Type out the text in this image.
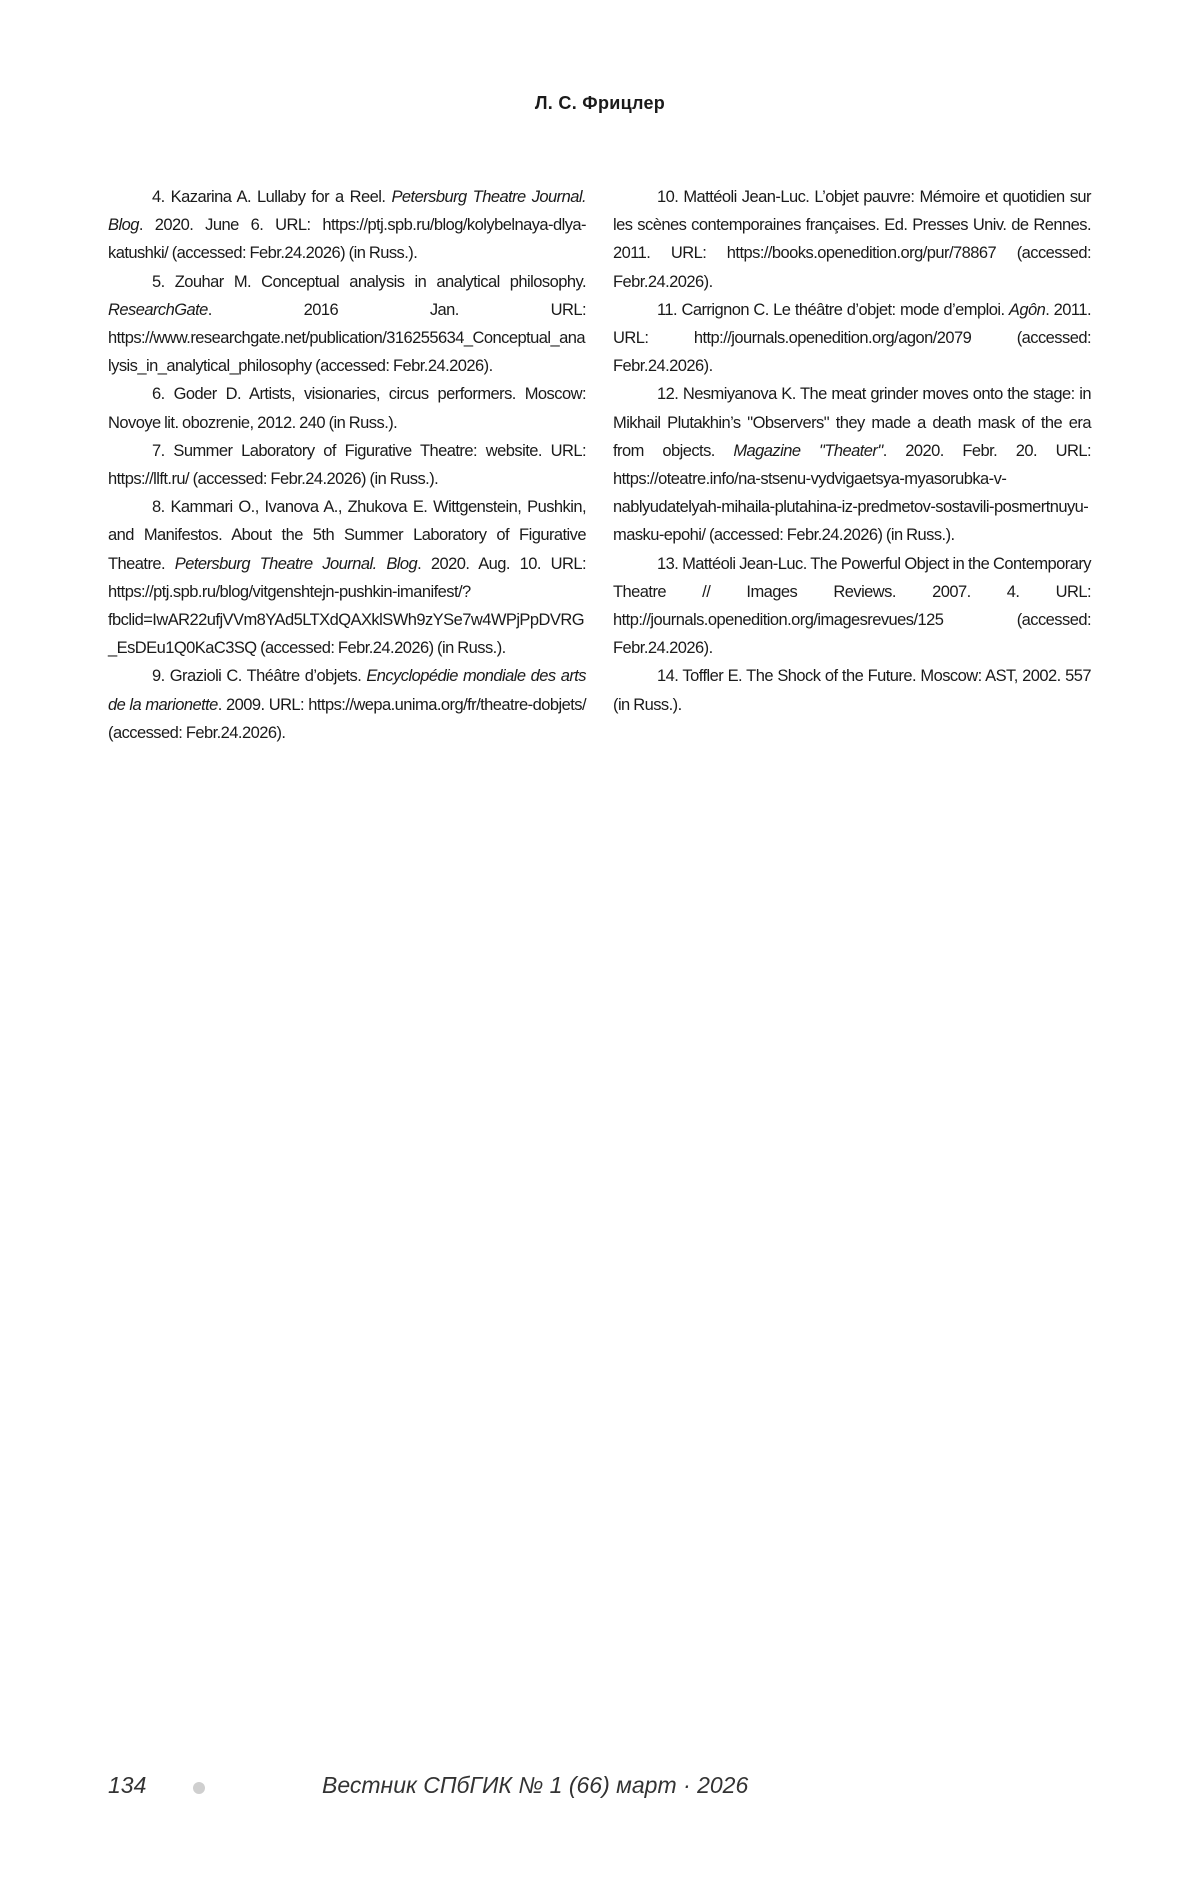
Л. С. Фрицлер

4. Kazarina A. Lullaby for a Reel. Petersburg Theatre Journal. Blog. 2020. June 6. URL: https://ptj.spb.ru/blog/kolybelnaya-dlya-katushki/ (accessed: Febr.24.2026) (in Russ.).

5. Zouhar M. Conceptual analysis in analytical philosophy. ResearchGate. 2016 Jan. URL: https://www.researchgate.net/publication/316255634_Conceptual_analysis_in_analytical_philosophy (accessed: Febr.24.2026).

6. Goder D. Artists, visionaries, circus performers. Moscow: Novoye lit. obozrenie, 2012. 240 (in Russ.).

7. Summer Laboratory of Figurative Theatre: website. URL: https://llft.ru/ (accessed: Febr.24.2026) (in Russ.).

8. Kammari O., Ivanova A., Zhukova E. Wittgenstein, Pushkin, and Manifestos. About the 5th Summer Laboratory of Figurative Theatre. Petersburg Theatre Journal. Blog. 2020. Aug. 10. URL: https://ptj.spb.ru/blog/vitgenshtejn-pushkin-imanifest/?fbclid=IwAR22ufjVVm8YAd5LTXdQAXklSWh9zYSe7w4WPjPpDVRG_EsDEu1Q0KaC3SQ (accessed: Febr.24.2026) (in Russ.).

9. Grazioli C. Théâtre d’objets. Encyclopédie mondiale des arts de la marionette. 2009. URL: https://wepa.unima.org/fr/theatre-dobjets/ (accessed: Febr.24.2026).

10. Mattéoli Jean-Luc. L’objet pauvre: Mémoire et quotidien sur les scènes contemporaines françaises. Ed. Presses Univ. de Rennes. 2011. URL: https://books.openedition.org/pur/78867 (accessed: Febr.24.2026).

11. Carrignon C. Le théâtre d’objet: mode d’emploi. Agôn. 2011. URL: http://journals.openedition.org/agon/2079 (accessed: Febr.24.2026).

12. Nesmiyanova K. The meat grinder moves onto the stage: in Mikhail Plutakhin’s "Observers" they made a death mask of the era from objects. Magazine "Theater". 2020. Febr. 20. URL: https://oteatre.info/na-stsenu-vydvigaetsya-myasorubka-v-nablyudatelyah-mihaila-plutahina-iz-predmetov-sostavili-posmertnuyu-masku-epohi/ (accessed: Febr.24.2026) (in Russ.).

13. Mattéoli Jean-Luc. The Powerful Object in the Contemporary Theatre // Images Reviews. 2007. 4. URL: http://journals.openedition.org/imagesrevues/125 (accessed: Febr.24.2026).

14. Toffler E. The Shock of the Future. Moscow: AST, 2002. 557 (in Russ.).

134	Вестник СПбГИК № 1 (66) март · 2026
